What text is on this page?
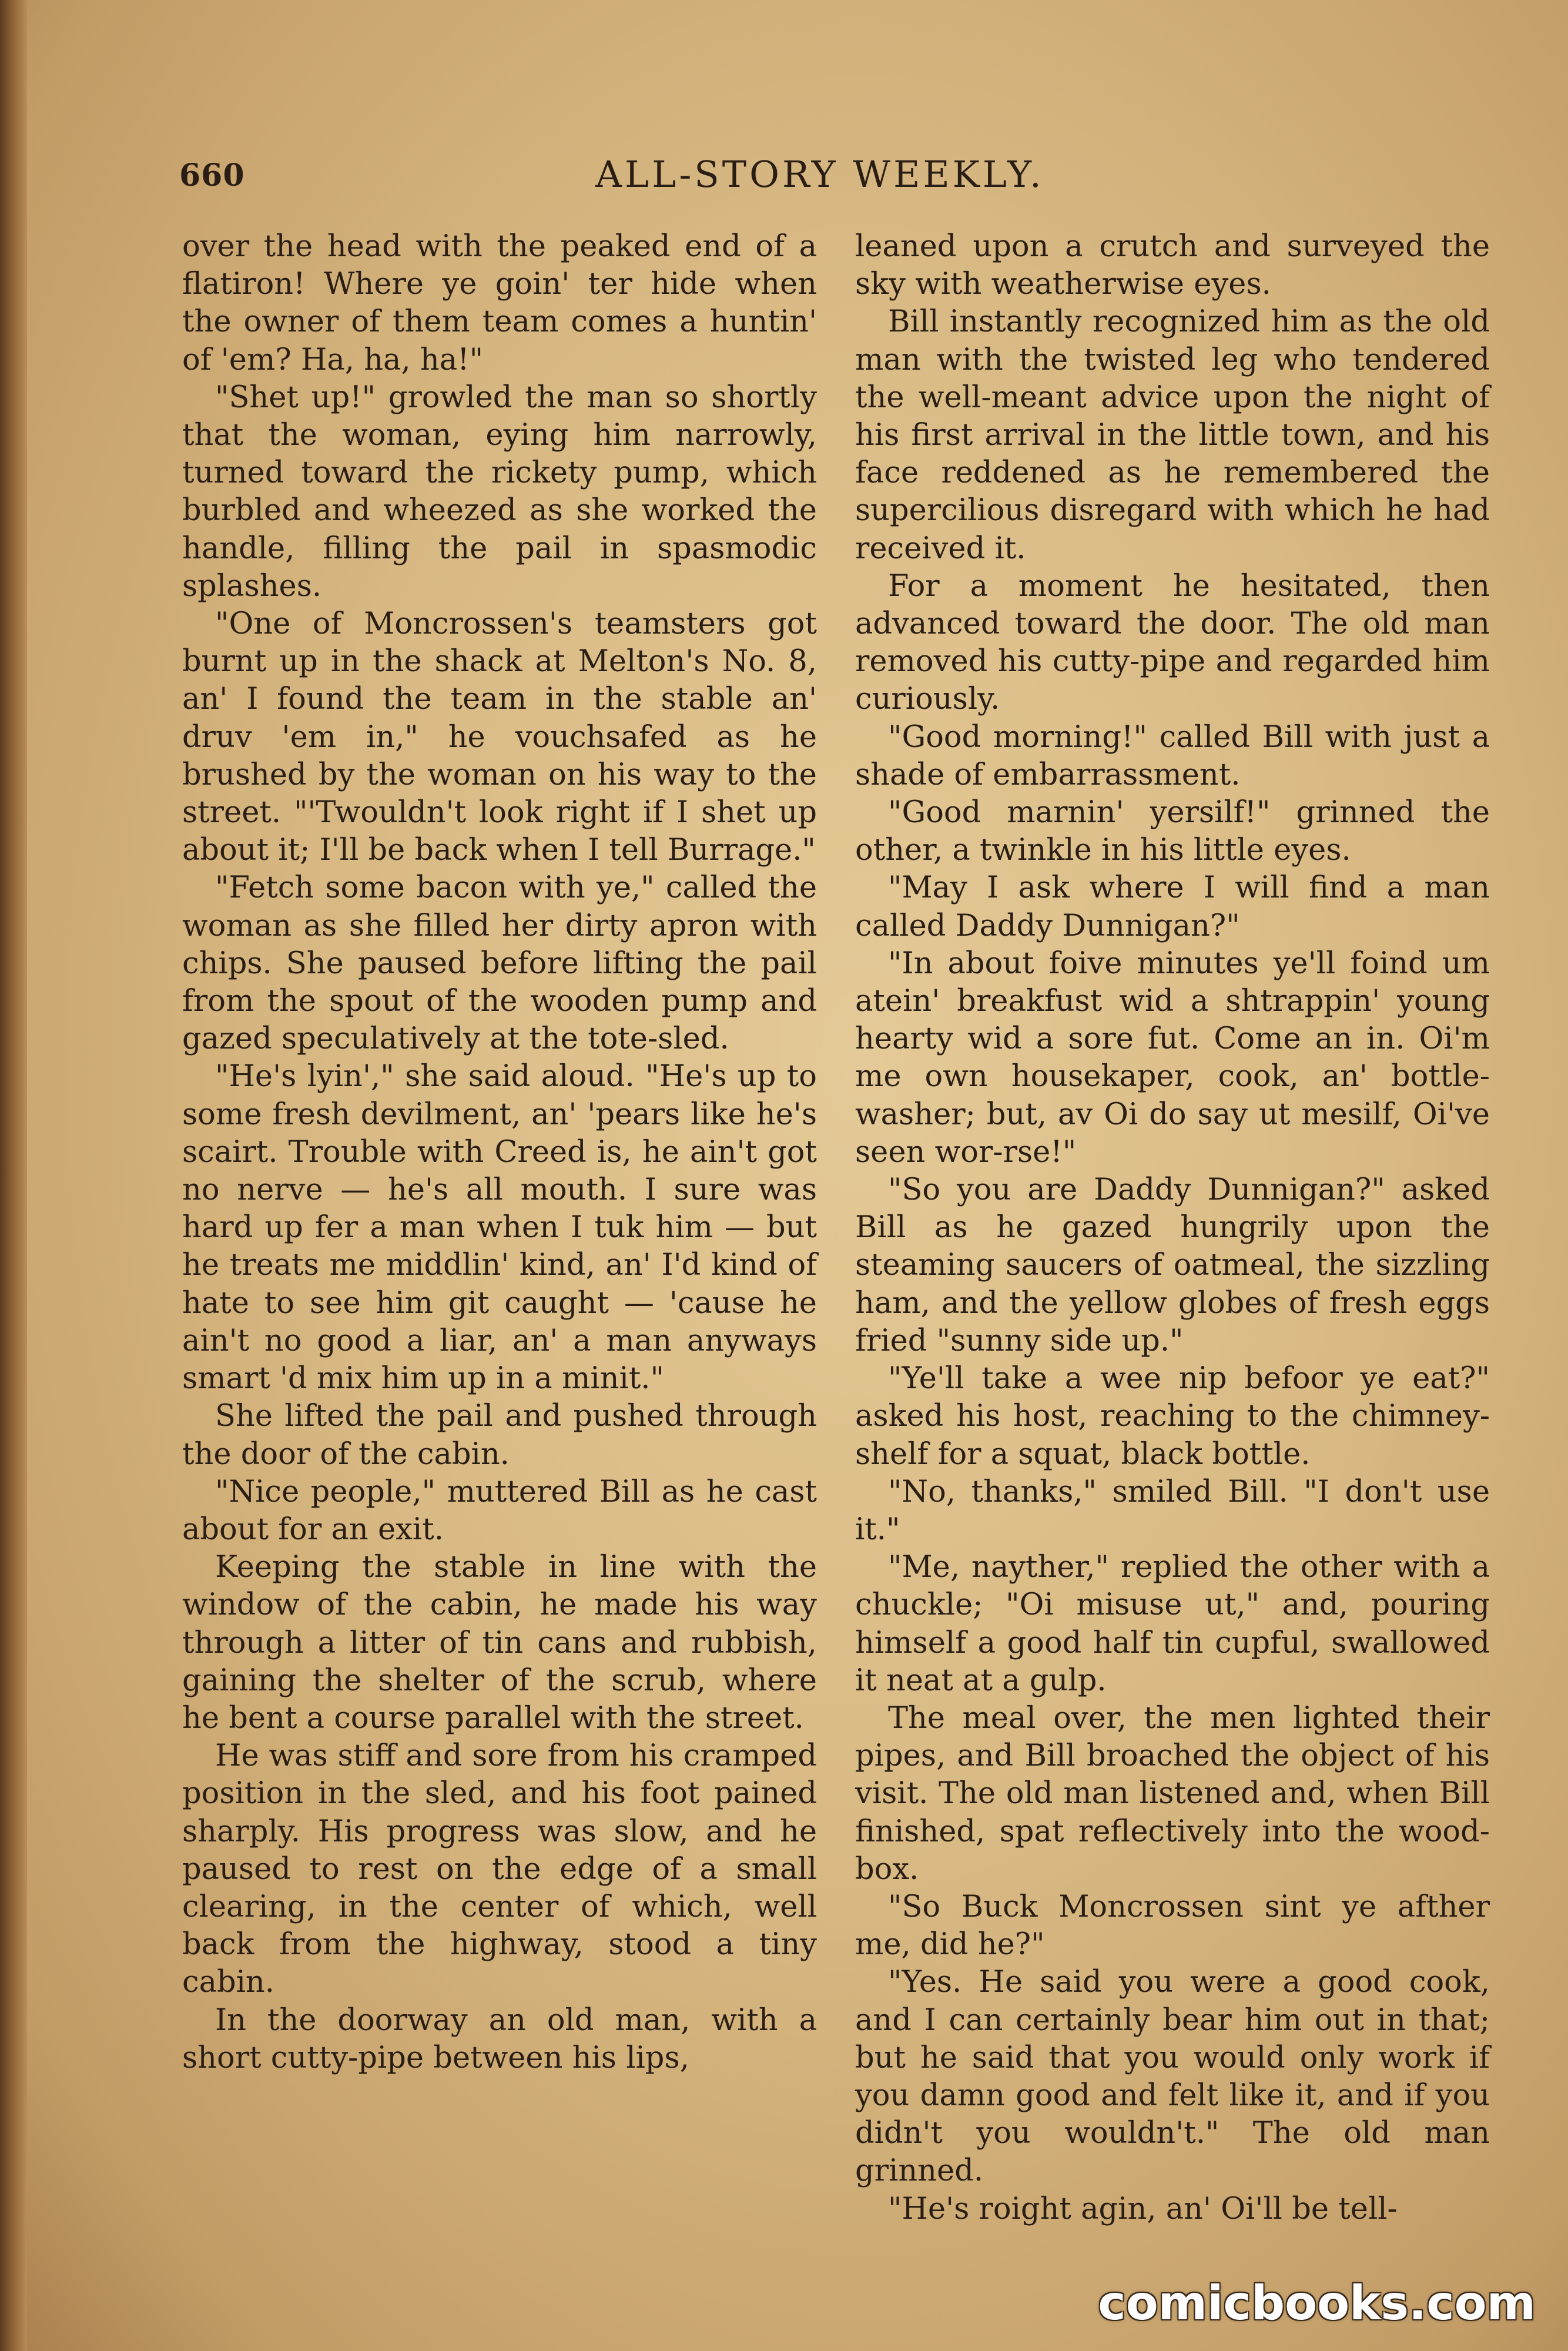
660	ALL-STORY WEEKLY.

over the head with the peaked end of a flatiron! Where ye goin' ter hide when the owner of them team comes a huntin' of 'em? Ha, ha, ha!"

"Shet up!" growled the man so shortly that the woman, eying him narrowly, turned toward the rickety pump, which burbled and wheezed as she worked the handle, filling the pail in spasmodic splashes.

"One of Moncrossen's teamsters got burnt up in the shack at Melton's No. 8, an' I found the team in the stable an' druv 'em in," he vouchsafed as he brushed by the woman on his way to the street. "'Twouldn't look right if I shet up about it; I'll be back when I tell Burrage."

"Fetch some bacon with ye," called the woman as she filled her dirty apron with chips. She paused before lifting the pail from the spout of the wooden pump and gazed speculatively at the tote-sled.

"He's lyin'," she said aloud. "He's up to some fresh devilment, an' 'pears like he's scairt. Trouble with Creed is, he ain't got no nerve — he's all mouth. I sure was hard up fer a man when I tuk him — but he treats me middlin' kind, an' I'd kind of hate to see him git caught — 'cause he ain't no good a liar, an' a man anyways smart 'd mix him up in a minit."

She lifted the pail and pushed through the door of the cabin.

"Nice people," muttered Bill as he cast about for an exit.

Keeping the stable in line with the window of the cabin, he made his way through a litter of tin cans and rubbish, gaining the shelter of the scrub, where he bent a course parallel with the street.

He was stiff and sore from his cramped position in the sled, and his foot pained sharply. His progress was slow, and he paused to rest on the edge of a small clearing, in the center of which, well back from the highway, stood a tiny cabin.

In the doorway an old man, with a short cutty-pipe between his lips,

leaned upon a crutch and surveyed the sky with weatherwise eyes.

Bill instantly recognized him as the old man with the twisted leg who tendered the well-meant advice upon the night of his first arrival in the little town, and his face reddened as he remembered the supercilious disregard with which he had received it.

For a moment he hesitated, then advanced toward the door. The old man removed his cutty-pipe and regarded him curiously.

"Good morning!" called Bill with just a shade of embarrassment.

"Good marnin' yersilf!" grinned the other, a twinkle in his little eyes.

"May I ask where I will find a man called Daddy Dunnigan?"

"In about foive minutes ye'll foind um atein' breakfust wid a shtrappin' young hearty wid a sore fut. Come an in. Oi'm me own housekaper, cook, an' bottle-washer; but, av Oi do say ut mesilf, Oi've seen wor-rse!"

"So you are Daddy Dunnigan?" asked Bill as he gazed hungrily upon the steaming saucers of oatmeal, the sizzling ham, and the yellow globes of fresh eggs fried "sunny side up."

"Ye'll take a wee nip befoor ye eat?" asked his host, reaching to the chimney-shelf for a squat, black bottle.

"No, thanks," smiled Bill. "I don't use it."

"Me, nayther," replied the other with a chuckle; "Oi misuse ut," and, pouring himself a good half tin cupful, swallowed it neat at a gulp.

The meal over, the men lighted their pipes, and Bill broached the object of his visit. The old man listened and, when Bill finished, spat reflectively into the wood-box.

"So Buck Moncrossen sint ye afther me, did he?"

"Yes. He said you were a good cook, and I can certainly bear him out in that; but he said that you would only work if you damn good and felt like it, and if you didn't you wouldn't." The old man grinned.

"He's roight agin, an' Oi'll be tell-

comicbooks.com
